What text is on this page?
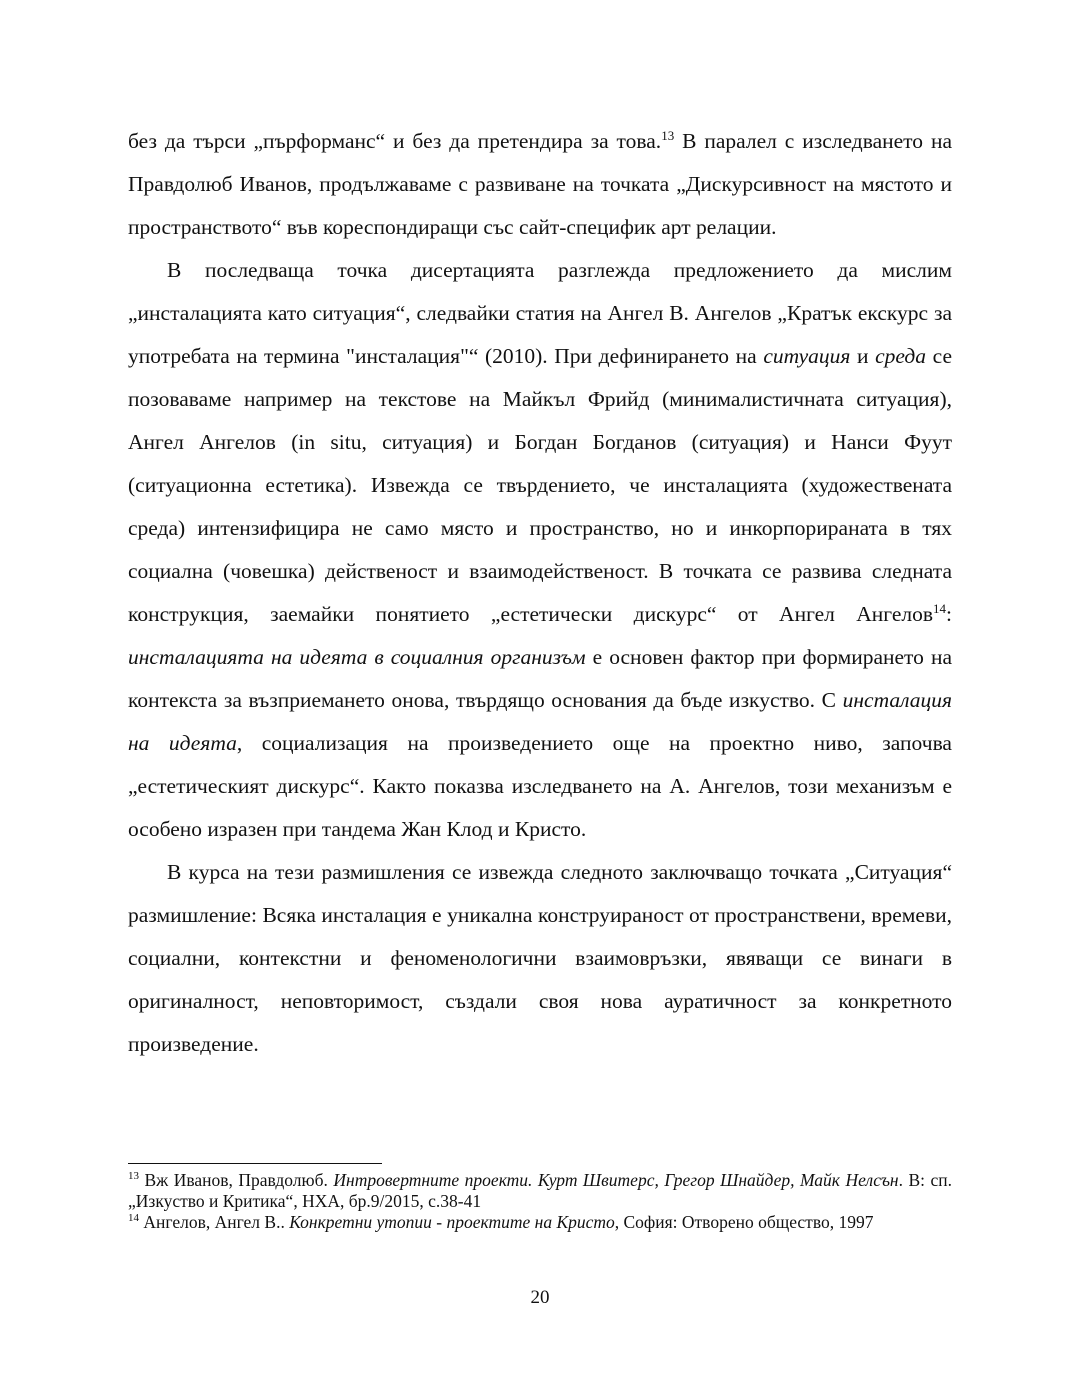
без да търси „пърформанс“ и без да претендира за това.$^{13}$ В паралел с изследването на Правдолюб Иванов, продължаваме с развиване на точката „Дискурсивност на мястото и пространството“ във кореспондиращи със сайт-специфик арт релации.

В последваща точка дисертацията разглежда предложението да мислим „инсталацията като ситуация“, следвайки статия на Ангел В. Ангелов „Кратък екскурс за употребата на термина "инсталация"“ (2010). При дефинирането на ситуация и среда се позоваваме например на текстове на Майкъл Фрийд (минималистичната ситуация), Ангел Ангелов (in situ, ситуация) и Богдан Богданов (ситуация) и Нанси Фуут (ситуационна естетика). Извежда се твърдението, че инсталацията (художествената среда) интензифицира не само място и пространство, но и инкорпорираната в тях социална (човешка) действеност и взаимодейственост. В точката се развива следната конструкция, заемайки понятието „естетически дискурс“ от Ангел Ангелов$^{14}$: инсталацията на идеята в социалния организъм е основен фактор при формирането на контекста за възприемането онова, твърдящо основания да бъде изкуство. С инсталация на идеята, социализация на произведението още на проектно ниво, започва „естетическият дискурс“. Както показва изследването на А. Ангелов, този механизъм е особено изразен при тандема Жан Клод и Кристо.

В курса на тези размишления се извежда следното заключващо точката „Ситуация“ размишление: Всяка инсталация е уникална конструираност от пространствени, времеви, социални, контекстни и феноменологични взаимовръзки, явяващи се винаги в оригиналност, неповторимост, създали своя нова ауратичност за конкретното произведение.

$^{13}$ Вж Иванов, Правдолюб. Интровертните проекти. Курт Швитерс, Грегор Шнайдер, Майк Нелсън. В: сп. „Изкуство и Критика“, НХА, бр.9/2015, с.38-41

$^{14}$ Ангелов, Ангел В.. Конкретни утопии - проектите на Кристо, София: Отворено общество, 1997

20
